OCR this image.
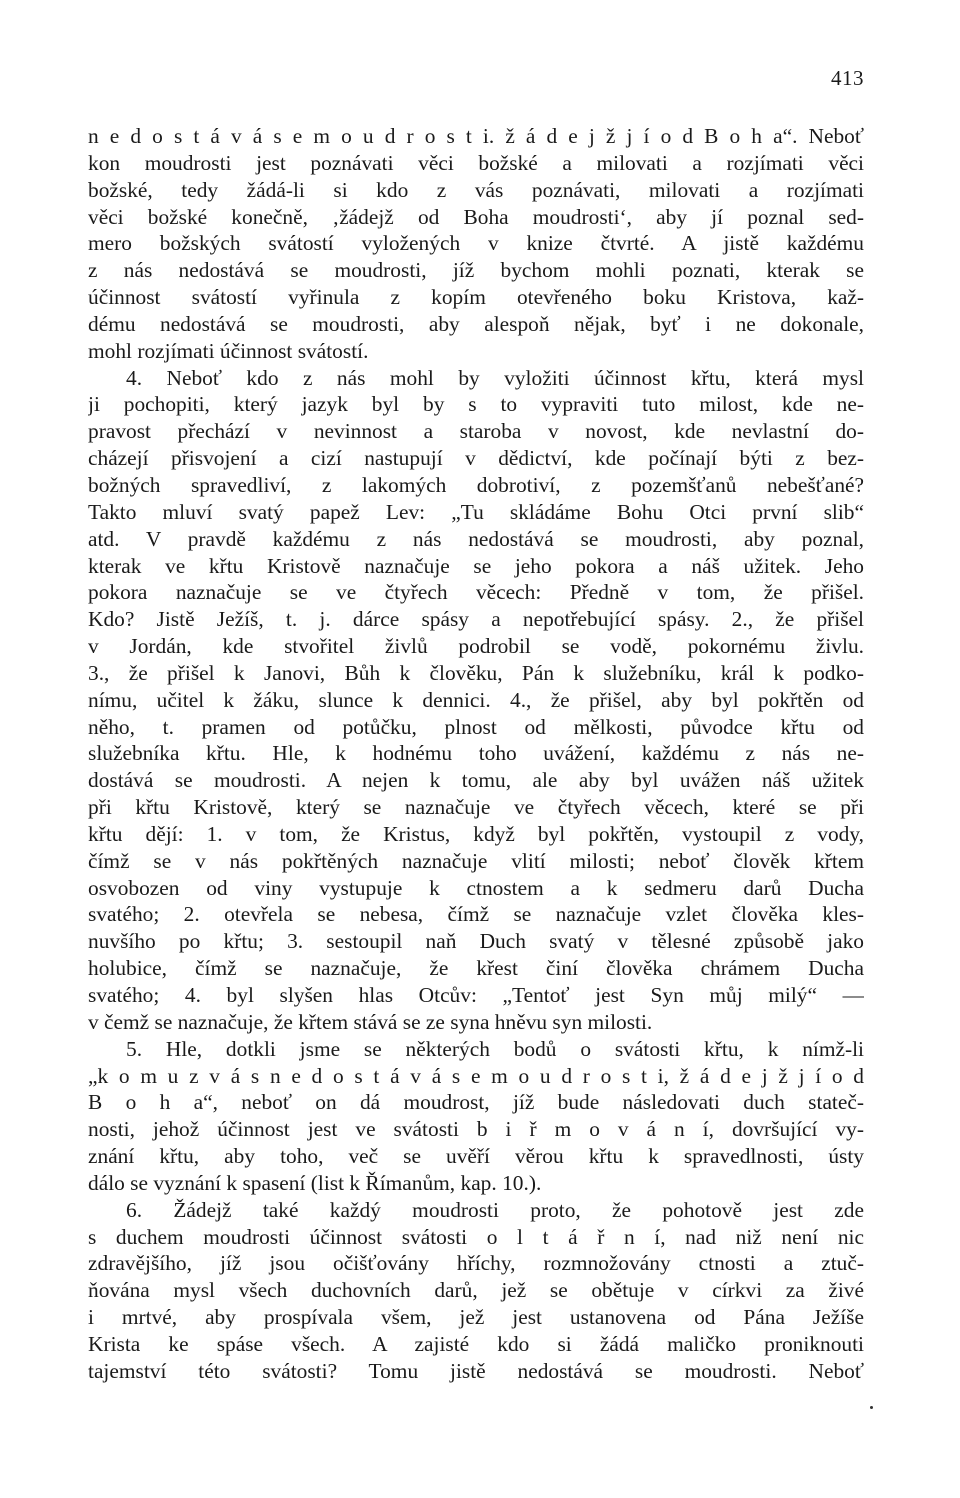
413
n e d o s t á v á s e m o u d r o s t i. ž á d e j ž j í o d B o h a“. Neboť
kon moudrosti jest poznávati věci božské a milovati a rozjímati věci
božské, tedy žádá-li si kdo z vás poznávati, milovati a rozjímati
věci božské konečně, ‚žádejž od Boha moudrosti‘, aby jí poznal sed-
mero božských svátostí vyložených v knize čtvrté. A jistě každému
z nás nedostává se moudrosti, jíž bychom mohli poznati, kterak se
účinnost svátostí vyřinula z kopím otevřeného boku Kristova, kaž-
dému nedostává se moudrosti, aby alespoň nějak, byť i ne dokonale,
mohl rozjímati účinnost svátostí.
4. Neboť kdo z nás mohl by vyložiti účinnost křtu, která mysl
ji pochopiti, který jazyk byl by s to vypraviti tuto milost, kde ne-
pravost přechází v nevinnost a staroba v novost, kde nevlastní do-
cházejí přisvojení a cizí nastupují v dědictví, kde počínají býti z bez-
božných spravedliví, z lakomých dobrotiví, z pozemšťanů nebešťané?
Takto mluví svatý papež Lev: „Tu skládáme Bohu Otci první slib“
atd. V pravdě každému z nás nedostává se moudrosti, aby poznal,
kterak ve křtu Kristově naznačuje se jeho pokora a náš užitek. Jeho
pokora naznačuje se ve čtyřech věcech: Předně v tom, že přišel.
Kdo? Jistě Ježíš, t. j. dárce spásy a nepotřebující spásy. 2., že přišel
v Jordán, kde stvořitel živlů podrobil se vodě, pokornému živlu.
3., že přišel k Janovi, Bůh k člověku, Pán k služebníku, král k podko-
nímu, učitel k žáku, slunce k dennici. 4., že přišel, aby byl pokřtěn od
něho, t. pramen od potůčku, plnost od mělkosti, původce křtu od
služebníka křtu. Hle, k hodnému toho uvážení, každému z nás ne-
dostává se moudrosti. A nejen k tomu, ale aby byl uvážen náš užitek
při křtu Kristově, který se naznačuje ve čtyřech věcech, které se při
křtu dějí: 1. v tom, že Kristus, když byl pokřtěn, vystoupil z vody,
čímž se v nás pokřtěných naznačuje vlití milosti; neboť člověk křtem
osvobozen od viny vystupuje k ctnostem a k sedmeru darů Ducha
svatého; 2. otevřela se nebesa, čímž se naznačuje vzlet člověka kles-
nuvšího po křtu; 3. sestoupil naň Duch svatý v tělesné způsobě jako
holubice, čímž se naznačuje, že křest činí člověka chrámem Ducha
svatého; 4. byl slyšen hlas Otcův: „Tentoť jest Syn můj milý“ —
v čemž se naznačuje, že křtem stává se ze syna hněvu syn milosti.
5. Hle, dotkli jsme se některých bodů o svátosti křtu, k nímž-li
„k o m u z v á s n e d o s t á v á s e m o u d r o s t i, ž á d e j ž j í o d
B o h a“, neboť on dá moudrost, jíž bude následovati duch stateč-
nosti, jehož účinnost jest ve svátosti b i ř m o v á n í, dovršující vy-
znání křtu, aby toho, več se uvěří věrou křtu k spravedlnosti, ústy
dálo se vyznání k spasení (list k Římanům, kap. 10.).
6. Žádejž také každý moudrosti proto, že pohotově jest zde
s duchem moudrosti účinnost svátosti o l t á ř n í, nad niž není nic
zdravějšího, jíž jsou očišťovány hříchy, rozmnožovány ctnosti a ztuč-
ňována mysl všech duchovních darů, jež se obětuje v církvi za živé
i mrtvé, aby prospívala všem, jež jest ustanovena od Pána Ježíše
Krista ke spáse všech. A zajisté kdo si žádá maličko proniknouti
tajemství této svátosti? Tomu jistě nedostává se moudrosti. Neboť
